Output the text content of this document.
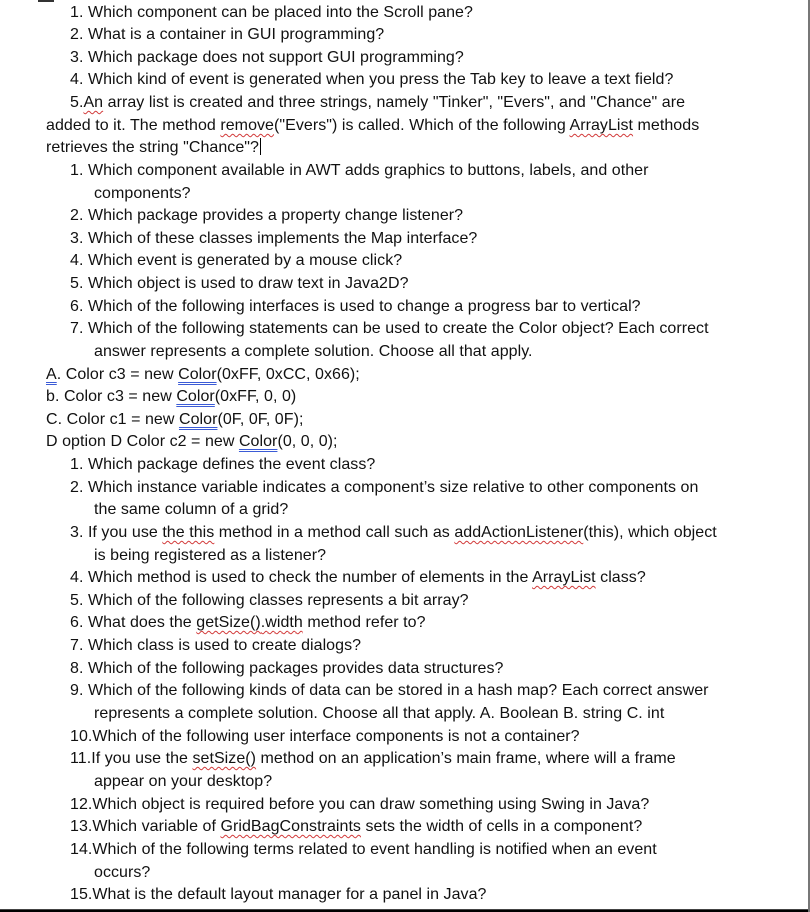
1. Which component can be placed into the Scroll pane?
2. What is a container in GUI programming?
3. Which package does not support GUI programming?
4. Which kind of event is generated when you press the Tab key to leave a text field?
5.An array list is created and three strings, namely "Tinker", "Evers", and "Chance" are
added to it. The method remove("Evers") is called. Which of the following ArrayList methods
retrieves the string "Chance"?
1. Which component available in AWT adds graphics to buttons, labels, and other
components?
2. Which package provides a property change listener?
3. Which of these classes implements the Map interface?
4. Which event is generated by a mouse click?
5. Which object is used to draw text in Java2D?
6. Which of the following interfaces is used to change a progress bar to vertical?
7. Which of the following statements can be used to create the Color object? Each correct
answer represents a complete solution. Choose all that apply.
A. Color c3 = new Color(0xFF, 0xCC, 0x66);
b. Color c3 = new Color(0xFF, 0, 0)
C. Color c1 = new Color(0F, 0F, 0F);
D option D Color c2 = new Color(0, 0, 0);
1. Which package defines the event class?
2. Which instance variable indicates a component’s size relative to other components on
the same column of a grid?
3. If you use the this method in a method call such as addActionListener(this), which object
is being registered as a listener?
4. Which method is used to check the number of elements in the ArrayList class?
5. Which of the following classes represents a bit array?
6. What does the getSize().width method refer to?
7. Which class is used to create dialogs?
8. Which of the following packages provides data structures?
9. Which of the following kinds of data can be stored in a hash map? Each correct answer
represents a complete solution. Choose all that apply. A. Boolean B. string C. int
10.Which of the following user interface components is not a container?
11.If you use the setSize() method on an application’s main frame, where will a frame
appear on your desktop?
12.Which object is required before you can draw something using Swing in Java?
13.Which variable of GridBagConstraints sets the width of cells in a component?
14.Which of the following terms related to event handling is notified when an event
occurs?
15.What is the default layout manager for a panel in Java?
